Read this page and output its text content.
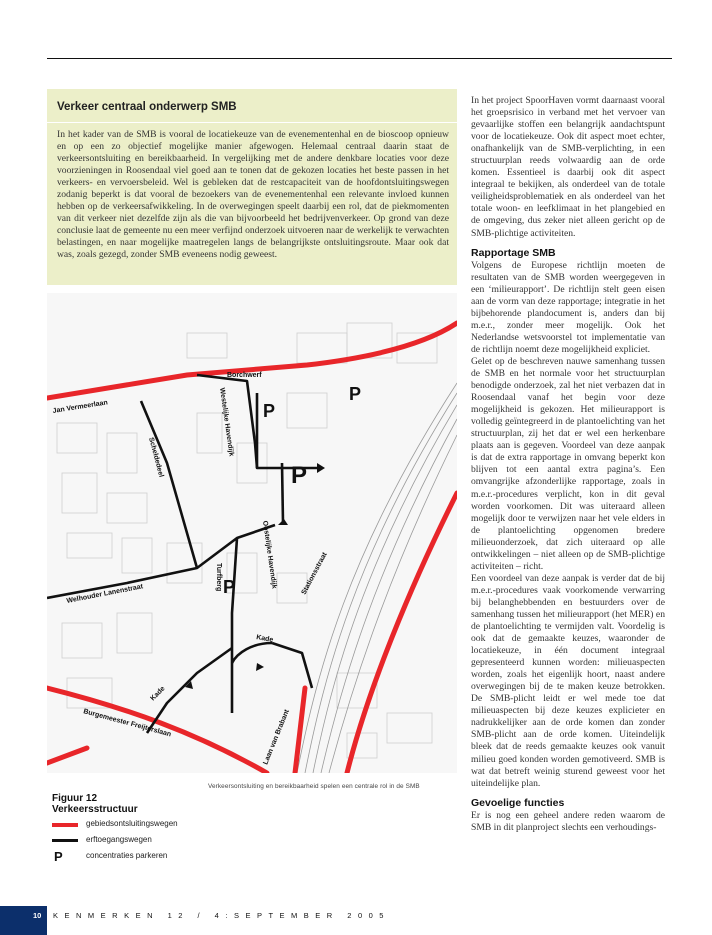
Verkeer centraal onderwerp SMB
In het kader van de SMB is vooral de locatiekeuze van de evenementenhal en de bioscoop opnieuw en op een zo objectief mogelijke manier afgewogen. Helemaal centraal daarin staat de verkeersontsluiting en bereikbaarheid. In vergelijking met de andere denkbare locaties voor deze voorzieningen in Roosendaal viel goed aan te tonen dat de gekozen locaties het beste passen in het verkeers- en vervoersbeleid. Wel is gebleken dat de restcapaciteit van de hoofdontsluitingswegen zodanig beperkt is dat vooral de bezoekers van de evenementenhal een relevante invloed kunnen hebben op de verkeersafwikkeling. In de overwegingen speelt daarbij een rol, dat de piekmomenten van dit verkeer niet dezelfde zijn als die van bijvoorbeeld het bedrijvenverkeer. Op grond van deze conclusie laat de gemeente nu een meer verfijnd onderzoek uitvoeren naar de werkelijk te verwachten belastingen, en naar mogelijke maatregelen langs de belangrijkste ontsluitingsroute. Maar ook dat was, zoals gezegd, zonder SMB eveneens nodig geweest.
Borchwerf
Jan Vermeerlaan	Westelijke Havendijk
Scheldedeel
Oostelijke Havendijk	Stationsstraat
Welhouder Lanenstraat
Turfberg
Kade
Kade
Burgemeester Freijterslaan	Laan van Brabant
P
P
P
P
Verkeersontsluiting en bereikbaarheid spelen een centrale rol in de SMB
Figuur 12
Verkeersstructuur
gebiedsontsluitingswegen
erftoegangswegen
P	concentraties parkeren

In het project SpoorHaven vormt daarnaast vooral het groepsrisico in verband met het vervoer van gevaarlijke stoffen een belangrijk aandachtspunt voor de locatiekeuze. Ook dit aspect moet echter, onafhankelijk van de SMB-verplichting, in een structuurplan reeds volwaardig aan de orde komen. Essentieel is daarbij ook dit aspect integraal te bekijken, als onderdeel van de totale veiligheidsproblematiek en als onderdeel van het totale woon- en leefklimaat in het plangebied en de omgeving, dus zeker niet alleen gericht op de SMB-plichtige activiteiten.

Rapportage SMB

Volgens de Europese richtlijn moeten de resultaten van de SMB worden weergegeven in een ‘milieurapport’. De richtlijn stelt geen eisen aan de vorm van deze rapportage; integratie in het bijbehorende plandocument is, anders dan bij m.e.r., zonder meer mogelijk. Ook het Nederlandse wetsvoorstel tot implementatie van de richtlijn noemt deze mogelijkheid expliciet.

Gelet op de beschreven nauwe samenhang tussen de SMB en het normale voor het structuurplan benodigde onderzoek, zal het niet verbazen dat in Roosendaal vanaf het begin voor deze mogelijkheid is gekozen. Het milieurapport is volledig geïntegreerd in de plantoelichting van het structuurplan, zij het dat er wel een herkenbare plaats aan is gegeven. Voordeel van deze aanpak is dat de extra rapportage in omvang beperkt kon blijven tot een aantal extra pagina’s. Een omvangrijke afzonderlijke rapportage, zoals in m.e.r.-procedures verplicht, kon in dit geval worden voorkomen. Dit was uiteraard alleen mogelijk door te verwijzen naar het vele elders in de plantoelichting opgenomen bredere milieuonderzoek, dat zich uiteraard op alle ontwikkelingen – niet alleen op de SMB-plichtige activiteiten – richt.

Een voordeel van deze aanpak is verder dat de bij m.e.r.-procedures vaak voorkomende verwarring bij belanghebbenden en bestuurders over de samenhang tussen het milieurapport (het MER) en de plantoelichting te vermijden valt. Voordelig is ook dat de gemaakte keuzes, waaronder de locatiekeuze, in één document integraal gepresenteerd kunnen worden: milieuaspecten worden, zoals het eigenlijk hoort, naast andere overwegingen bij de te maken keuze betrokken. De SMB-plicht leidt er wel mede toe dat milieuaspecten bij deze keuzes explicieter en nadrukkelijker aan de orde komen dan zonder SMB-plicht aan de orde komen. Uiteindelijk bleek dat de reeds gemaakte keuzes ook vanuit milieu goed konden worden gemotiveerd. SMB is wat dat betreft weinig sturend geweest voor het uiteindelijke plan.

Gevoelige functies

Er is nog een geheel andere reden waarom de SMB in dit planproject slechts een verhoudings-

10 KENMERKEN 12 / 4:SEPTEMBER 2005
